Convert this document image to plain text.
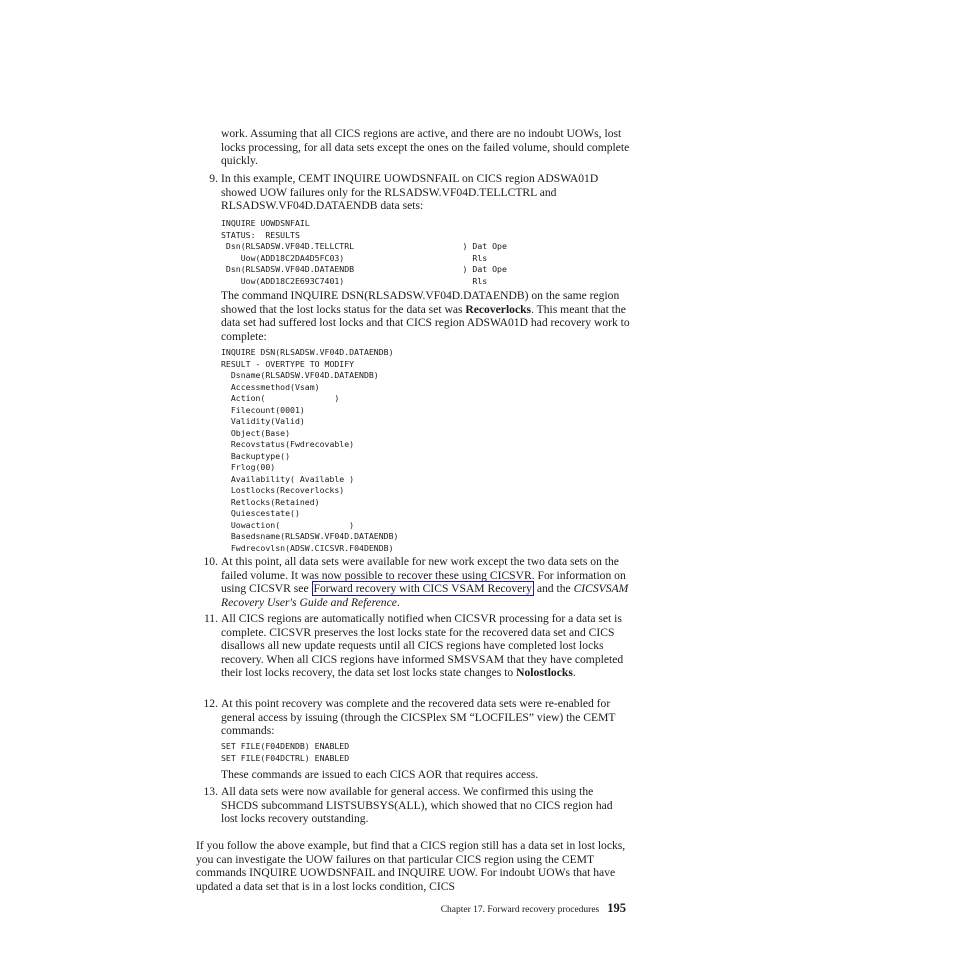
work. Assuming that all CICS regions are active, and there are no indoubt UOWs, lost locks processing, for all data sets except the ones on the failed volume, should complete quickly.

9. In this example, CEMT INQUIRE UOWDSNFAIL on CICS region ADSWA01D showed UOW failures only for the RLSADSW.VF04D.TELLCTRL and RLSADSW.VF04D.DATAENDB data sets:

INQUIRE UOWDSNFAIL
STATUS:  RESULTS
Dsn(RLSADSW.VF04D.TELLCTRL                      ) Dat Ope
Uow(ADD18C2DA4D5FC03)                          Rls
Dsn(RLSADSW.VF04D.DATAENDB                      ) Dat Ope
Uow(ADD18C2E693C7401)                          Rls

The command INQUIRE DSN(RLSADSW.VF04D.DATAENDB) on the same region showed that the lost locks status for the data set was Recoverlocks. This meant that the data set had suffered lost locks and that CICS region ADSWA01D had recovery work to complete:

INQUIRE DSN(RLSADSW.VF04D.DATAENDB)
RESULT - OVERTYPE TO MODIFY
Dsname(RLSADSW.VF04D.DATAENDB)
Accessmethod(Vsam)
Action(              )
Filecount(0001)
Validity(Valid)
Object(Base)
Recovstatus(Fwdrecovable)
Backuptype()
Frlog(00)
Availability( Available )
Lostlocks(Recoverlocks)
Retlocks(Retained)
Quiescestate()
Uowaction(              )
Basedsname(RLSADSW.VF04D.DATAENDB)
Fwdrecovlsn(ADSW.CICSVR.F04DENDB)
10. At this point, all data sets were available for new work except the two data sets on the failed volume. It was now possible to recover these using CICSVR. For information on using CICSVR see Forward recovery with CICS VSAM Recovery and the CICSVSAM Recovery User's Guide and Reference.

11. All CICS regions are automatically notified when CICSVR processing for a data set is complete. CICSVR preserves the lost locks state for the recovered data set and CICS disallows all new update requests until all CICS regions have completed lost locks recovery. When all CICS regions have informed SMSVSAM that they have completed their lost locks recovery, the data set lost locks state changes to Nolostlocks.

12. At this point recovery was complete and the recovered data sets were re-enabled for general access by issuing (through the CICSPlex SM “LOCFILES” view) the CEMT commands:

SET FILE(F04DENDB) ENABLED
SET FILE(F04DCTRL) ENABLED

These commands are issued to each CICS AOR that requires access.

13. All data sets were now available for general access. We confirmed this using the SHCDS subcommand LISTSUBSYS(ALL), which showed that no CICS region had lost locks recovery outstanding.

If you follow the above example, but find that a CICS region still has a data set in lost locks, you can investigate the UOW failures on that particular CICS region using the CEMT commands INQUIRE UOWDSNFAIL and INQUIRE UOW. For indoubt UOWs that have updated a data set that is in a lost locks condition, CICS

Chapter 17. Forward recovery procedures 195
